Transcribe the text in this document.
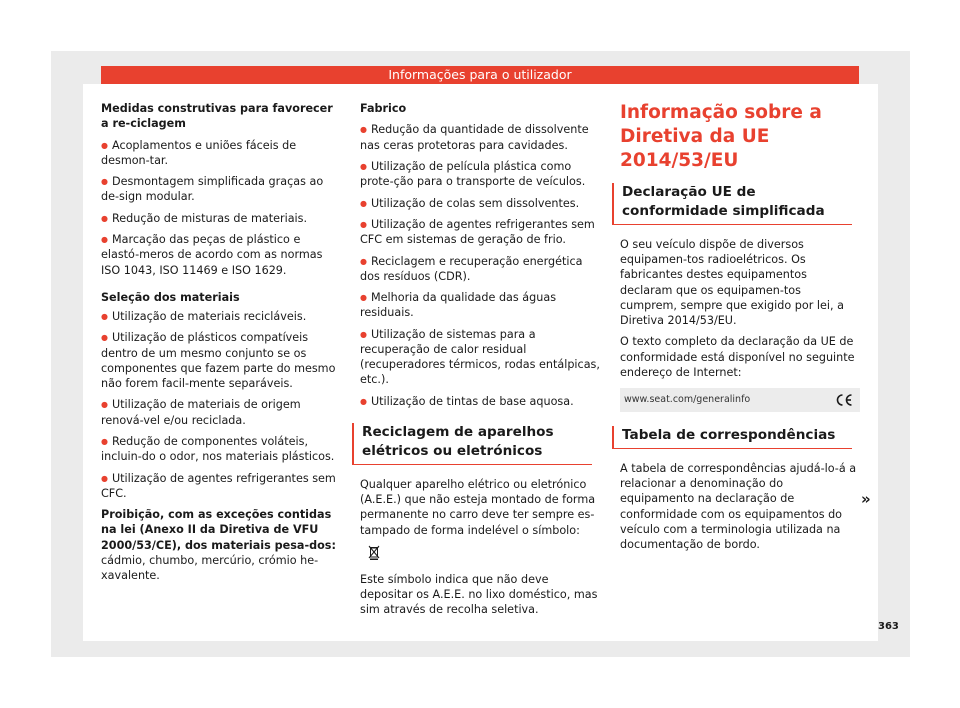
Informações para o utilizador

Medidas construtivas para favorecer a re-ciclagem

● Acoplamentos e uniões fáceis de desmon-tar.

● Desmontagem simplificada graças ao de-sign modular.

● Redução de misturas de materiais.

● Marcação das peças de plástico e elastó-meros de acordo com as normas ISO 1043, ISO 11469 e ISO 1629.

Seleção dos materiais

● Utilização de materiais recicláveis.

● Utilização de plásticos compatíveis dentro de um mesmo conjunto se os componentes que fazem parte do mesmo não forem facil-mente separáveis.

● Utilização de materiais de origem renová-vel e/ou reciclada.

● Redução de componentes voláteis, incluin-do o odor, nos materiais plásticos.

● Utilização de agentes refrigerantes sem CFC.

Proibição, com as exceções contidas na lei (Anexo II da Diretiva de VFU 2000/53/CE), dos materiais pesa-dos: cádmio, chumbo, mercúrio, crómio he-xavalente.

Fabrico

● Redução da quantidade de dissolvente nas ceras protetoras para cavidades.

● Utilização de película plástica como prote-ção para o transporte de veículos.

● Utilização de colas sem dissolventes.

● Utilização de agentes refrigerantes sem CFC em sistemas de geração de frio.

● Reciclagem e recuperação energética dos resíduos (CDR).

● Melhoria da qualidade das águas residuais.

● Utilização de sistemas para a recuperação de calor residual (recuperadores térmicos, rodas entálpicas, etc.).

● Utilização de tintas de base aquosa.

Reciclagem de aparelhos elétricos ou eletrónicos

Qualquer aparelho elétrico ou eletrónico (A.E.E.) que não esteja montado de forma permanente no carro deve ter sempre es-tampado de forma indelével o símbolo:

Este símbolo indica que não deve depositar os A.E.E. no lixo doméstico, mas sim através de recolha seletiva.

Informação sobre a Diretiva da UE 2014/53/EU
Declaração UE de conformidade simplificada

O seu veículo dispõe de diversos equipamen-tos radioelétricos. Os fabricantes destes equipamentos declaram que os equipamen-tos cumprem, sempre que exigido por lei, a Diretiva 2014/53/EU.

O texto completo da declaração da UE de conformidade está disponível no seguinte endereço de Internet:

www.seat.com/generalinfo
Tabela de correspondências

A tabela de correspondências ajudá-lo-á a relacionar a denominação do equipamento na declaração de conformidade com os equipamentos do veículo com a terminologia utilizada na documentação de bordo.

»
363
